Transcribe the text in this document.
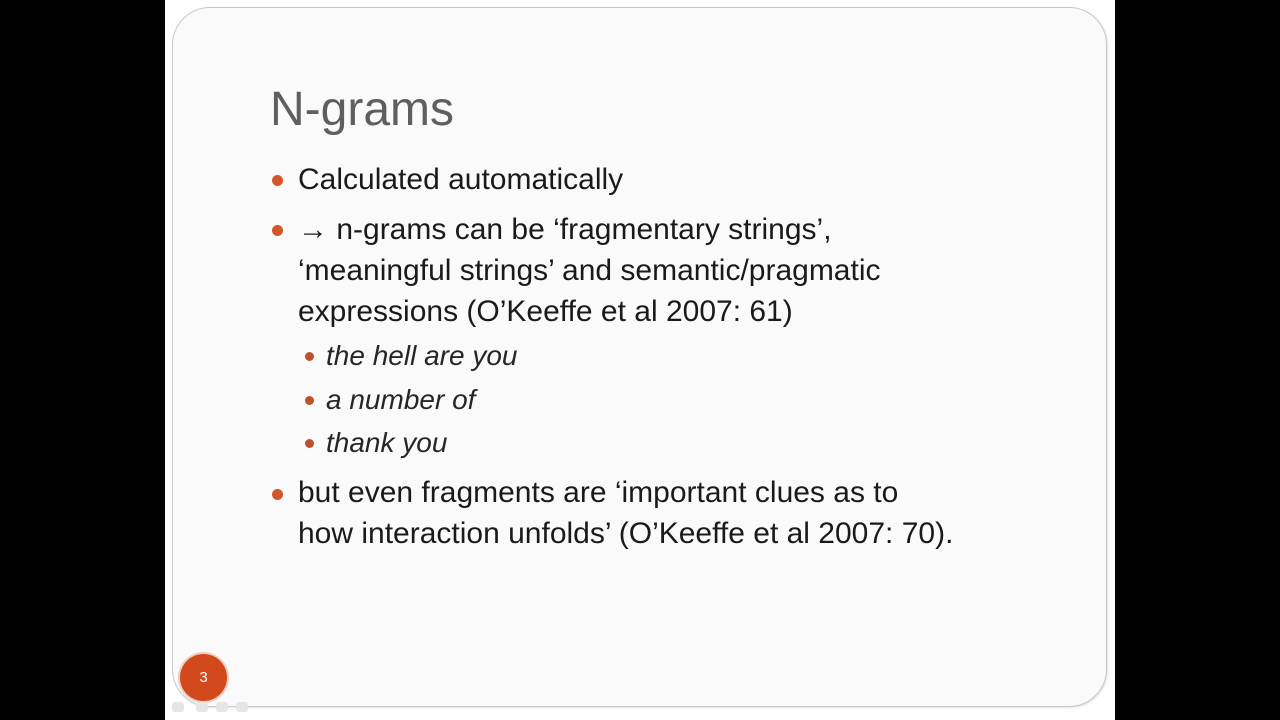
N-grams
Calculated automatically
→ n-grams can be ‘fragmentary strings’,
‘meaningful strings’ and semantic/pragmatic
expressions (O’Keeffe et al 2007: 61)
the hell are you
a number of
thank you
but even fragments are ‘important clues as to
how interaction unfolds’ (O’Keeffe et al 2007: 70).
3
